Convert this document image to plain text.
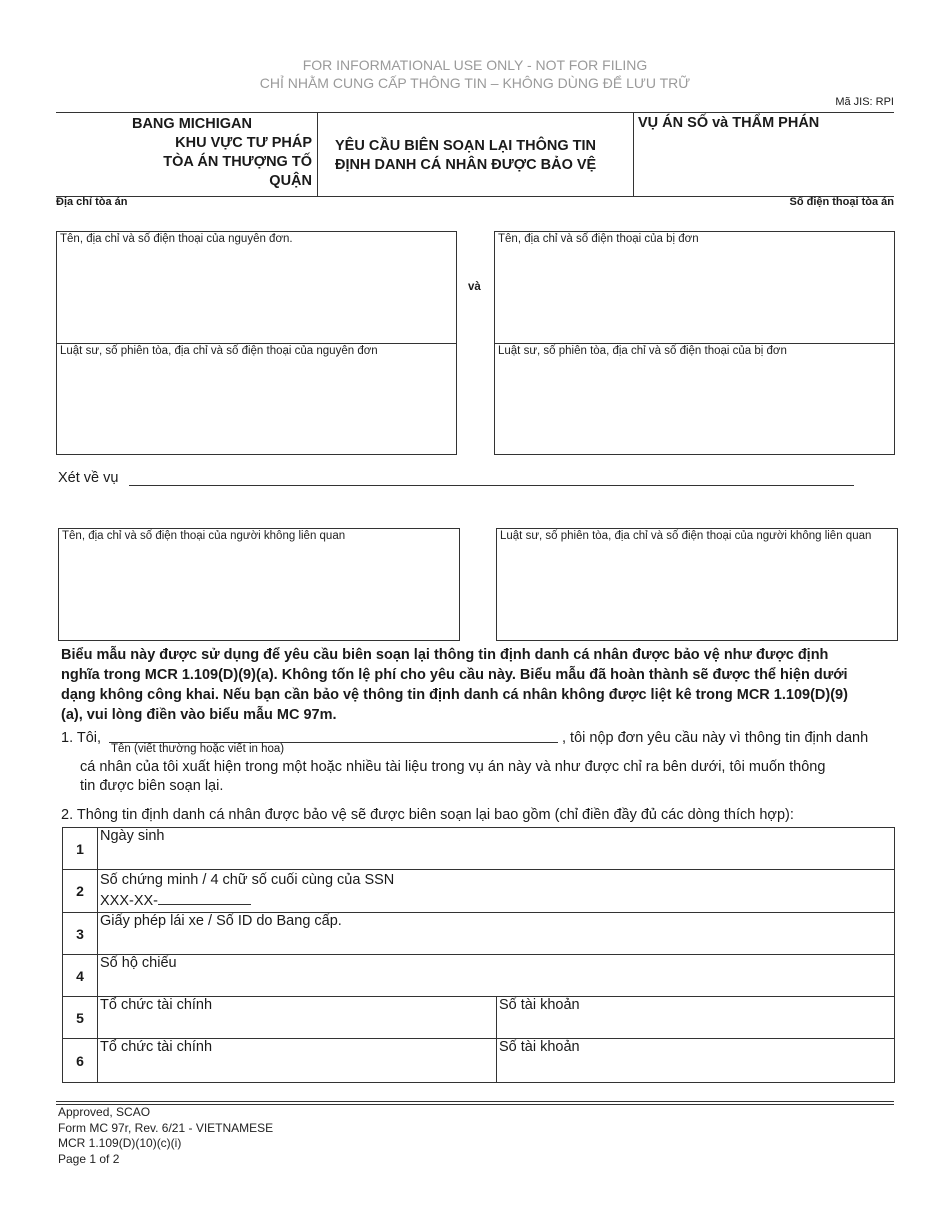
FOR INFORMATIONAL USE ONLY - NOT FOR FILING
CHỈ NHẰM CUNG CẤP THÔNG TIN – KHÔNG DÙNG ĐỂ LƯU TRỮ
Mã JIS: RPI
BANG MICHIGAN
KHU VỰC TƯ PHÁP
TÒA ÁN THƯỢNG TỐ
QUẬN
YÊU CẦU BIÊN SOẠN LẠI THÔNG TIN
ĐỊNH DANH CÁ NHÂN ĐƯỢC BẢO VỆ
VỤ ÁN SỐ và THẨM PHÁN
Địa chỉ tòa án	Số điện thoại tòa án
Tên, địa chỉ và số điện thoại của nguyên đơn.
Luật sư, số phiên tòa, địa chỉ và số điện thoại của nguyên đơn
và
Tên, địa chỉ và số điện thoại của bị đơn
Luật sư, số phiên tòa, địa chỉ và số điện thoại của bị đơn
Xét về vụ
Tên, địa chỉ và số điện thoại của người không liên quan	Luật sư, số phiên tòa, địa chỉ và số điện thoại của người không liên quan
Biểu mẫu này được sử dụng để yêu cầu biên soạn lại thông tin định danh cá nhân được bảo vệ như được định
nghĩa trong MCR 1.109(D)(9)(a). Không tốn lệ phí cho yêu cầu này. Biểu mẫu đã hoàn thành sẽ được thể hiện dưới
dạng không công khai. Nếu bạn cần bảo vệ thông tin định danh cá nhân không được liệt kê trong MCR 1.109(D)(9)
(a), vui lòng điền vào biểu mẫu MC 97m.
1. Tôi,
Tên (viết thường hoặc viết in hoa)
, tôi nộp đơn yêu cầu này vì thông tin định danh
cá nhân của tôi xuất hiện trong một hoặc nhiều tài liệu trong vụ án này và như được chỉ ra bên dưới, tôi muốn thông
tin được biên soạn lại.
2. Thông tin định danh cá nhân được bảo vệ sẽ được biên soạn lại bao gồm (chỉ điền đầy đủ các dòng thích hợp):
1	Ngày sinh	
2	Số chứng minh / 4 chữ số cuối cùng của SSN
XXX-XX-	

3	Giấy phép lái xe / Số ID do Bang cấp.	
4	Số hộ chiếu	
5	Tổ chức tài chính	Số tài khoản
6	Tổ chức tài chính	Số tài khoản
Approved, SCAO
Form MC 97r, Rev. 6/21 - VIETNAMESE
MCR 1.109(D)(10)(c)(i)
Page 1 of 2
